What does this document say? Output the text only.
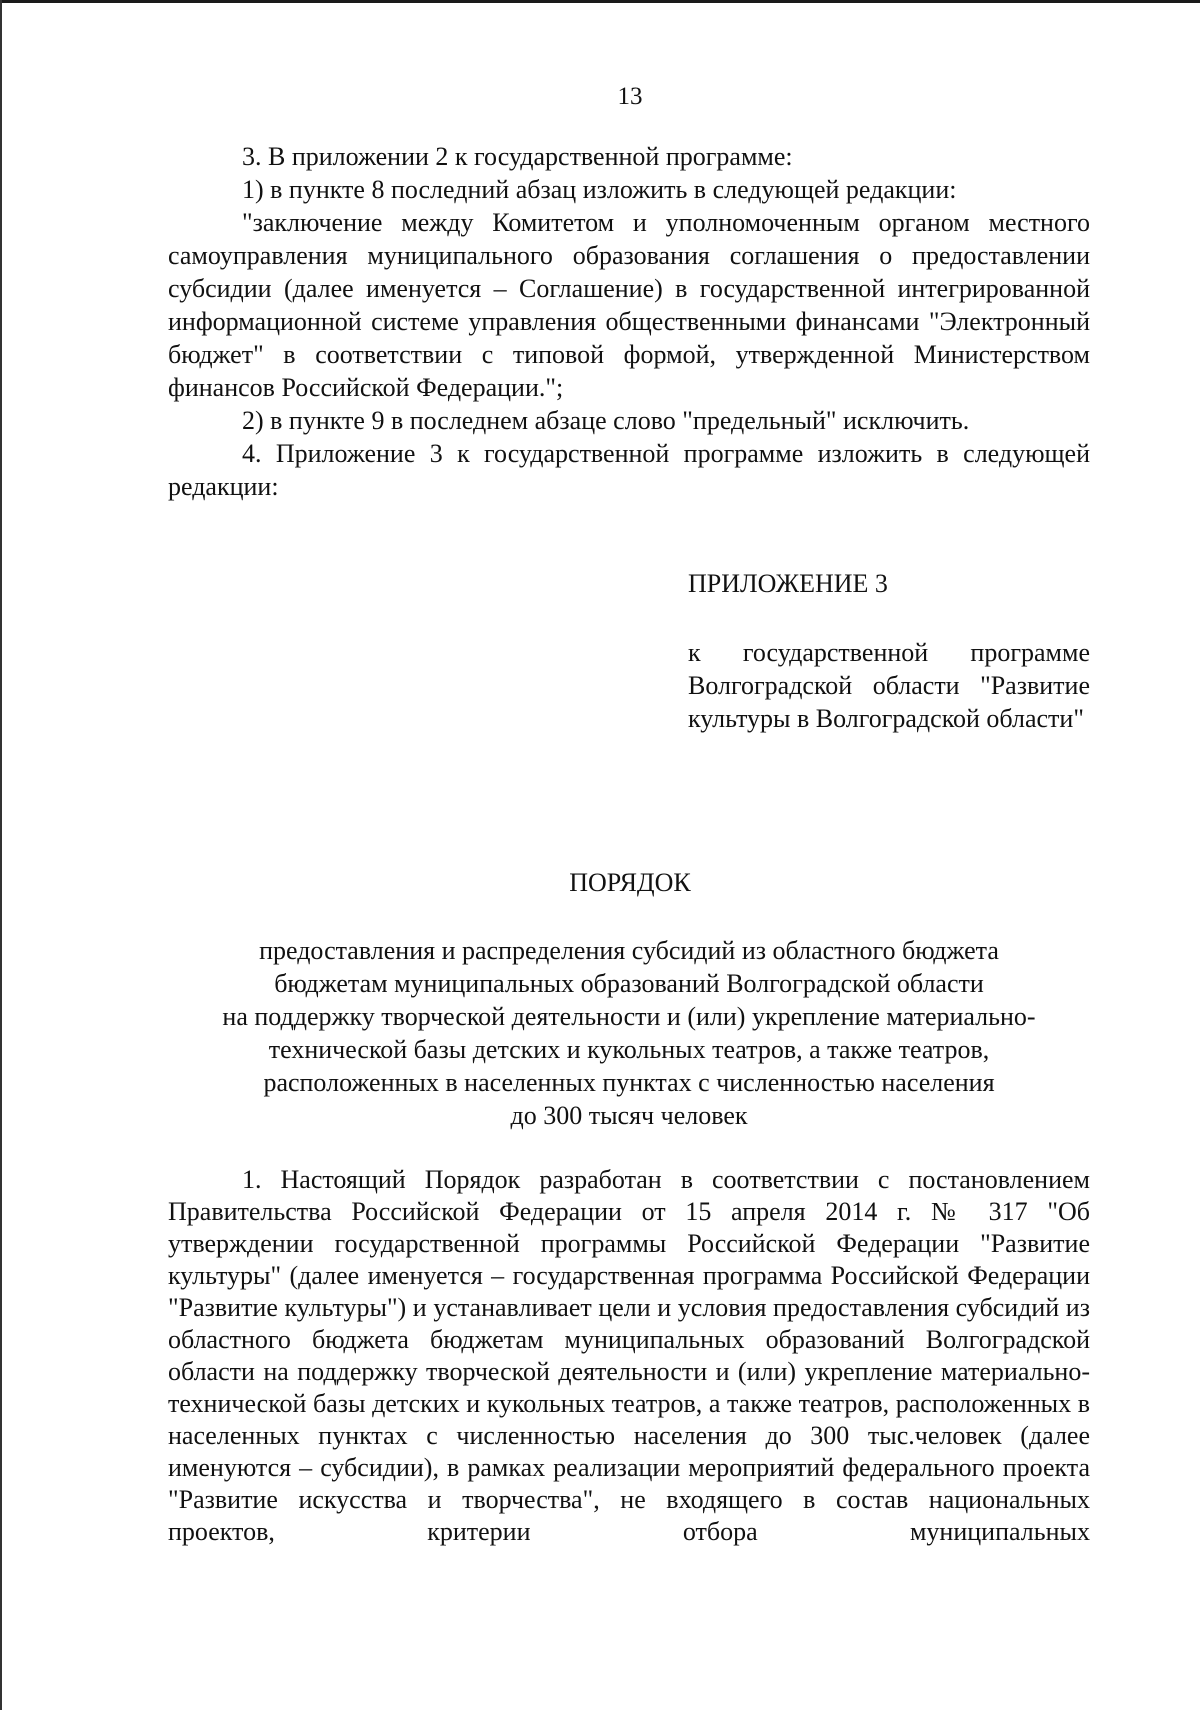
13

3. В приложении 2 к государственной программе:

1) в пункте 8 последний абзац изложить в следующей редакции:

"заключение между Комитетом и уполномоченным органом местного самоуправления муниципального образования соглашения о предоставлении субсидии (далее именуется – Соглашение) в государственной интегрированной информационной системе управления общественными финансами "Электронный бюджет" в соответствии с типовой формой, утвержденной Министерством финансов Российской Федерации.";

2) в пункте 9 в последнем абзаце слово "предельный" исключить.

4. Приложение 3 к государственной программе изложить в следующей редакции:

ПРИЛОЖЕНИЕ 3

к государственной программе Волгоградской области "Развитие культуры в Волгоградской области"

ПОРЯДОК

предоставления и распределения субсидий из областного бюджета
бюджетам муниципальных образований Волгоградской области
на поддержку творческой деятельности и (или) укрепление материально-
технической базы детских и кукольных театров, а также театров,
расположенных в населенных пунктах с численностью населения
до 300 тысяч человек

1. Настоящий Порядок разработан в соответствии с постановлением Правительства Российской Федерации от 15 апреля 2014 г. № 317 "Об утверждении государственной программы Российской Федерации "Развитие культуры" (далее именуется – государственная программа Российской Федерации "Развитие культуры") и устанавливает цели и условия предоставления субсидий из областного бюджета бюджетам муниципальных образований Волгоградской области на поддержку творческой деятельности и (или) укрепление материально-технической базы детских и кукольных театров, а также театров, расположенных в населенных пунктах с численностью населения до 300 тыс.человек (далее именуются – субсидии), в рамках реализации мероприятий федерального проекта "Развитие искусства и творчества", не входящего в состав национальных проектов, критерии отбора муниципальных
